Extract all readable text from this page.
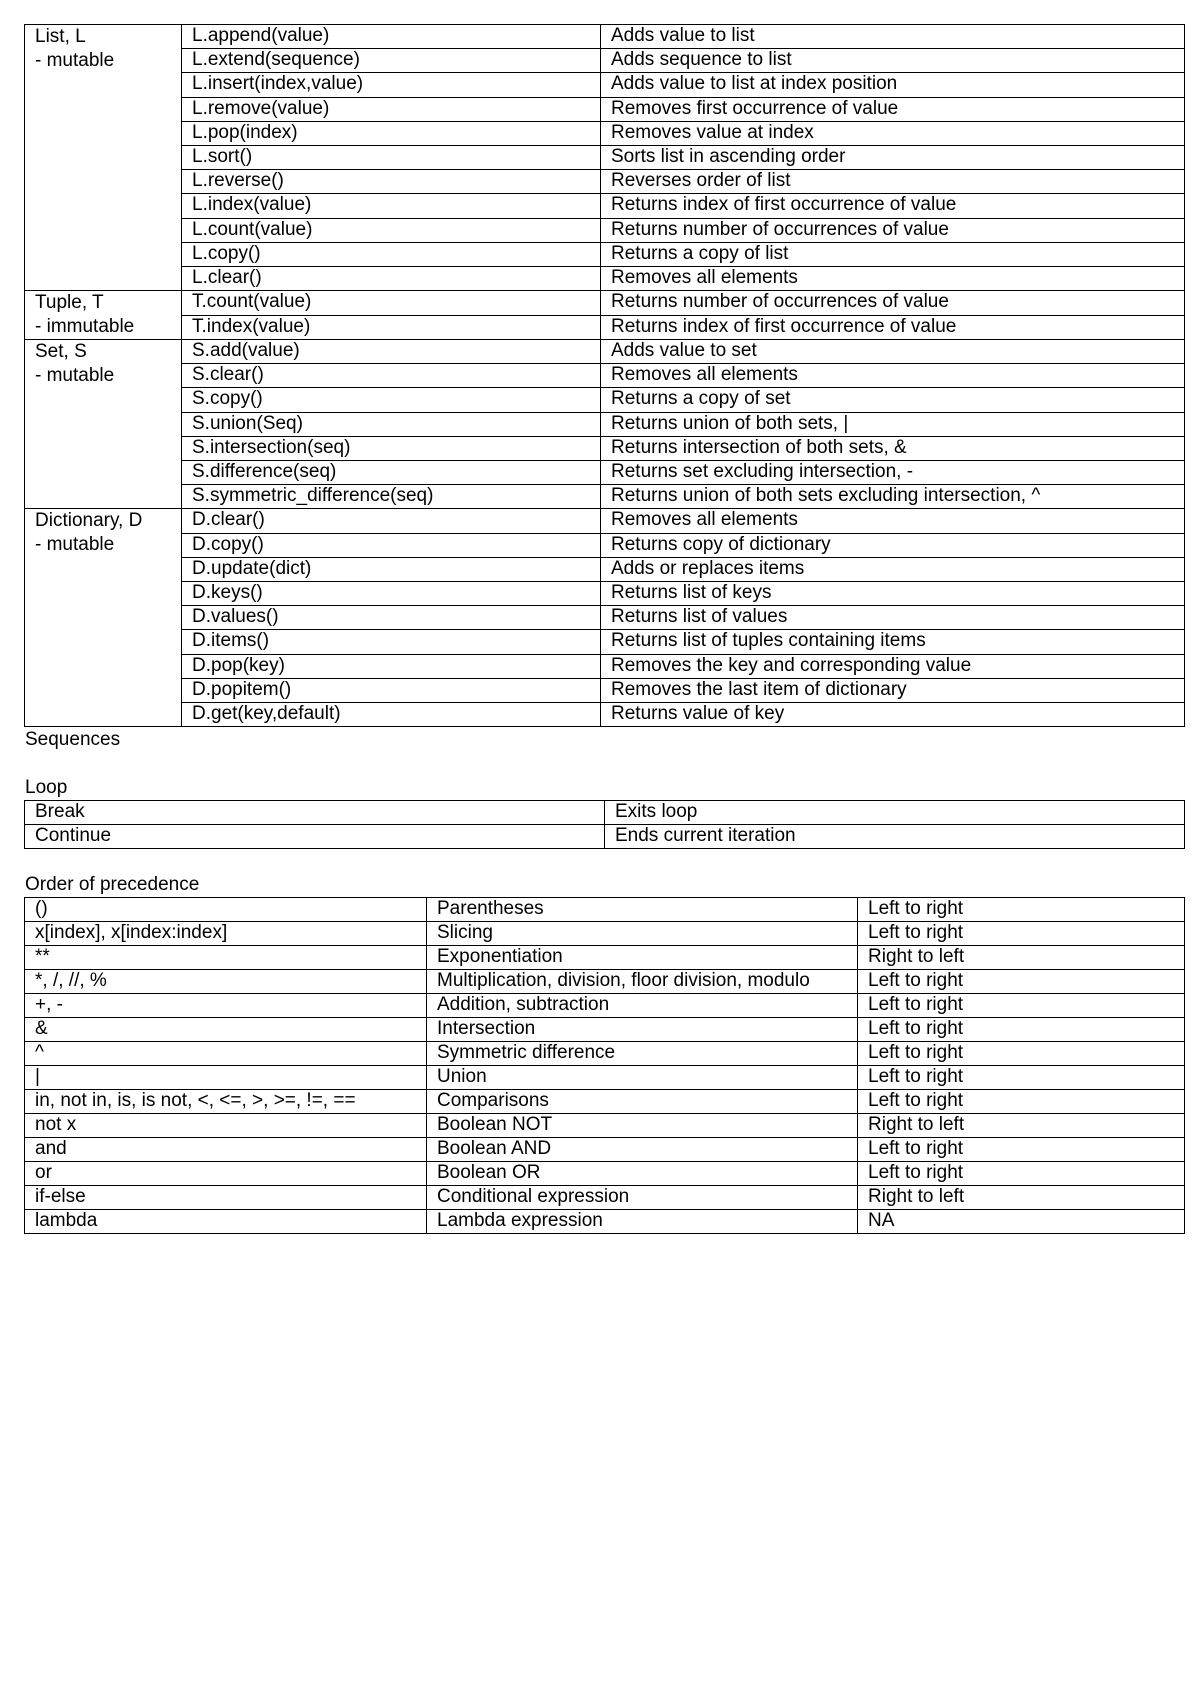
List, L
- mutable	L.append(value)	Adds value to list
	L.extend(sequence)	Adds sequence to list
	L.insert(index,value)	Adds value to list at index position
	L.remove(value)	Removes first occurrence of value
	L.pop(index)	Removes value at index
	L.sort()	Sorts list in ascending order
	L.reverse()	Reverses order of list
	L.index(value)	Returns index of first occurrence of value
	L.count(value)	Returns number of occurrences of value
	L.copy()	Returns a copy of list
	L.clear()	Removes all elements
Tuple, T
- immutable	T.count(value)	Returns number of occurrences of value
	T.index(value)	Returns index of first occurrence of value
Set, S
- mutable	S.add(value)	Adds value to set
	S.clear()	Removes all elements
	S.copy()	Returns a copy of set
	S.union(Seq)	Returns union of both sets, |
	S.intersection(seq)	Returns intersection of both sets, &
	S.difference(seq)	Returns set excluding intersection, -
	S.symmetric_difference(seq)	Returns union of both sets excluding intersection, ^
Dictionary, D
- mutable	D.clear()	Removes all elements
	D.copy()	Returns copy of dictionary
	D.update(dict)	Adds or replaces items
	D.keys()	Returns list of keys
	D.values()	Returns list of values
	D.items()	Returns list of tuples containing items
	D.pop(key)	Removes the key and corresponding value
	D.popitem()	Removes the last item of dictionary
	D.get(key,default)	Returns value of key
Sequences
Loop
Break	Exits loop
Continue	Ends current iteration
Order of precedence
()	Parentheses	Left to right
x[index], x[index:index]	Slicing	Left to right
**	Exponentiation	Right to left
*, /, //, %	Multiplication, division, floor division, modulo	Left to right
+, -	Addition, subtraction	Left to right
&	Intersection	Left to right
^	Symmetric difference	Left to right
|	Union	Left to right
in, not in, is, is not, <, <=, >, >=, !=, ==	Comparisons	Left to right
not x	Boolean NOT	Right to left
and	Boolean AND	Left to right
or	Boolean OR	Left to right
if-else	Conditional expression	Right to left
lambda	Lambda expression	NA
